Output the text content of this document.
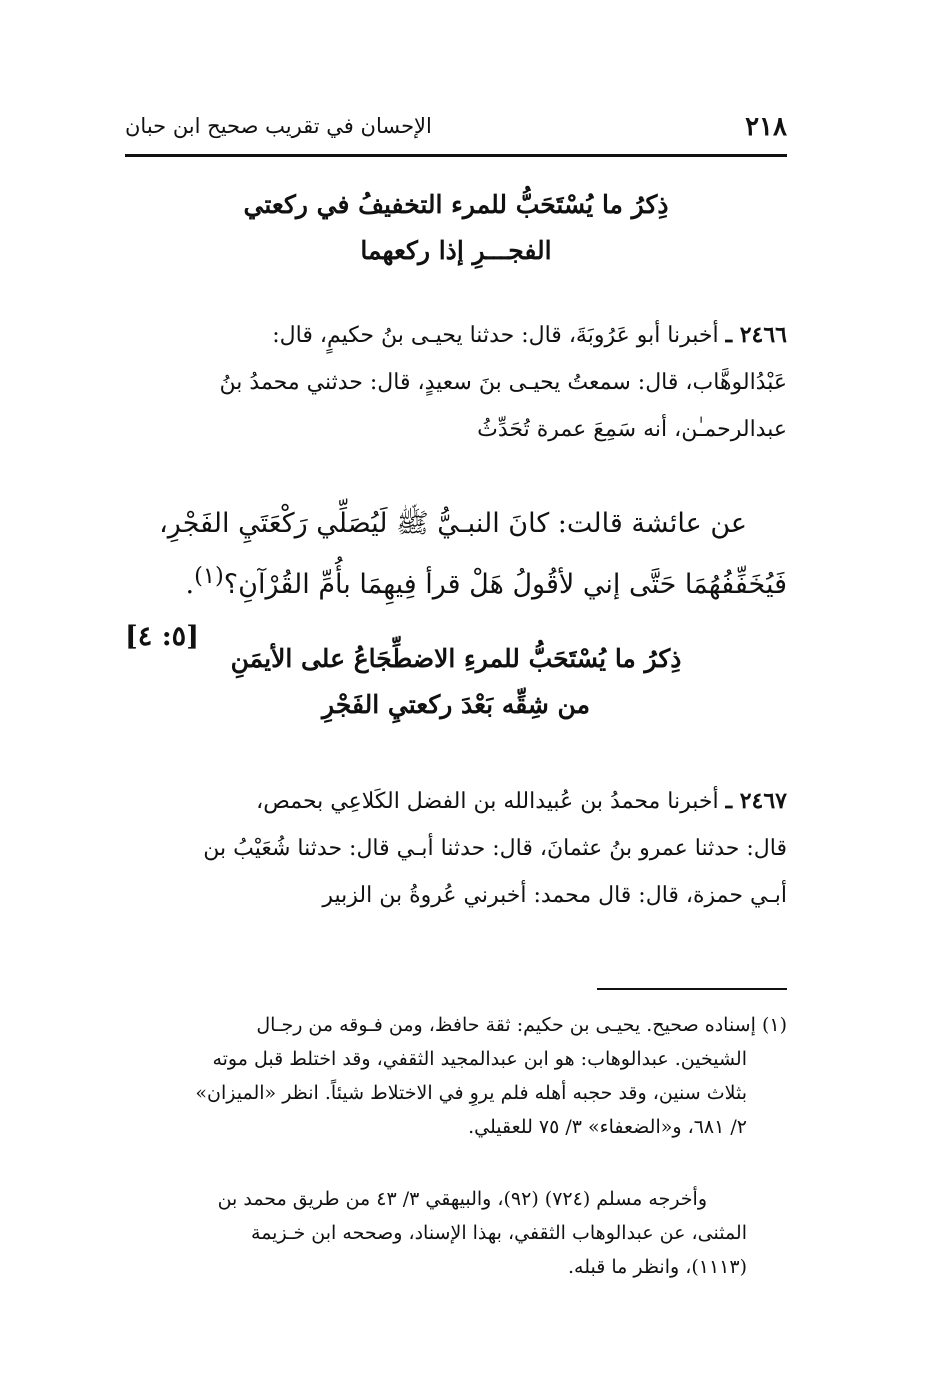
٢١٨
الإحسان في تقريب صحيح ابن حبان
ذِكرُ ما يُسْتَحَبُّ للمرء التخفيفُ في ركعتي
الفجـــرِ إذا ركعهما
٢٤٦٦ ـ أخبرنا أبو عَرُوبَةَ، قال: حدثنا يحيـى بنُ حكيمٍ، قال:
عَبْدُالوهَّاب، قال: سمعتُ يحيـى بنَ سعيدٍ، قال: حدثني محمدُ بنُ
عبدالرحمـٰن، أنه سَمِعَ عمرة تُحَدِّثُ
عن عائشة قالت: كانَ النبـيُّ ﷺ لَيُصَلِّي رَكْعَتَيِ الفَجْرِ،
فَيُخَفِّفُهُمَا حَتَّى إني لأقُولُ هَلْ قرأ فِيهِمَا بأُمِّ القُرْآنِ؟$^{(١)}$.
[٥: ٤]
ذِكرُ ما يُسْتَحَبُّ للمرءِ الاضطِّجَاعُ على الأيمَنِ
من شِقِّه بَعْدَ ركعتيِ الفَجْرِ
٢٤٦٧ ـ أخبرنا محمدُ بن عُبيدالله بن الفضل الكَلاعِي بحمص،
قال: حدثنا عمرو بنُ عثمانَ، قال: حدثنا أبـي قال: حدثنا شُعَيْبُ بن
أبـي حمزة، قال: قال محمد: أخبرني عُروةُ بن الزبير
(١) إسناده صحيح. يحيـى بن حكيم: ثقة حافظ، ومن فـوقه من رجـال
الشيخين. عبدالوهاب: هو ابن عبدالمجيد الثقفي، وقد اختلط قبل موته
بثلاث سنين، وقد حجبه أهله فلم يروِ في الاختلاط شيئاً. انظر «الميزان»
٢/ ٦٨١، و«الضعفاء» ٣/ ٧٥ للعقيلي.
وأخرجه مسلم (٧٢٤) (٩٢)، والبيهقي ٣/ ٤٣ من طريق محمد بن
المثنى، عن عبدالوهاب الثقفي، بهذا الإسناد، وصححه ابن خـزيمة
(١١١٣)، وانظر ما قبله.
